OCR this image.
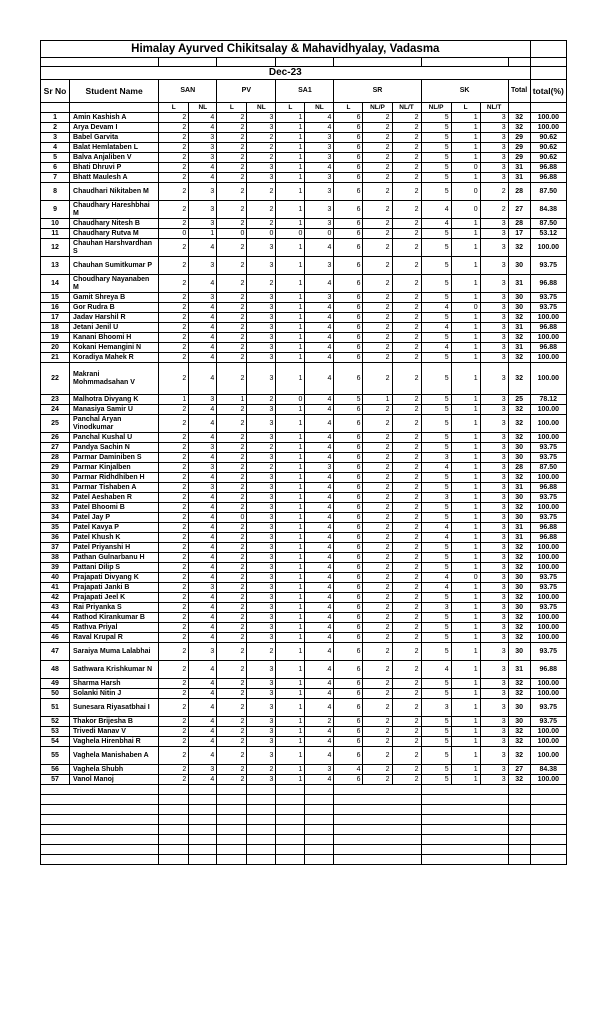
Himalay Ayurved Chikitsalay & Mahavidhyalay, Vadasma															

Dec-23															
Sr No	Student Name	SAN		PV		SA1		SR			SK			Total	total(%)
		L	NL	L	NL	L	NL	L	NL/P	NL/T	NL/P	L	NL/T		
1	Amin Kashish A	2	4	2	3	1	4	6	2	2	5	1	3	32	100.00
2	Arya Devam I	2	4	2	3	1	4	6	2	2	5	1	3	32	100.00
3	Babel Garvita	2	3	2	2	1	3	6	2	2	5	1	3	29	90.62
4	Balat Hemlataben L	2	3	2	2	1	3	6	2	2	5	1	3	29	90.62
5	Balva Anjaliben V	2	3	2	2	1	3	6	2	2	5	1	3	29	90.62
6	Bhati Dhruvi P	2	4	2	3	1	4	6	2	2	5	0	3	31	96.88
7	Bhatt Maulesh A	2	4	2	3	1	3	6	2	2	5	1	3	31	96.88
8	Chaudhari Nikitaben M	2	3	2	2	1	3	6	2	2	5	0	2	28	87.50
9	Chaudhary Hareshbhai M	2	3	2	2	1	3	6	2	2	4	0	2	27	84.38
10	Chaudhary Nitesh B	2	3	2	2	1	3	6	2	2	4	1	3	28	87.50
11	Chaudhary Rutva M	0	1	0	0	0	0	6	2	2	5	1	3	17	53.12
12	Chauhan Harshvardhan S	2	4	2	3	1	4	6	2	2	5	1	3	32	100.00
13	Chauhan Sumitkumar P	2	3	2	3	1	3	6	2	2	5	1	3	30	93.75
14	Choudhary Nayanaben M	2	4	2	2	1	4	6	2	2	5	1	3	31	96.88
15	Gamit Shreya B	2	3	2	3	1	3	6	2	2	5	1	3	30	93.75
16	Gor Rudra B	2	4	2	3	1	4	6	2	2	4	0	3	30	93.75
17	Jadav Harshil R	2	4	2	3	1	4	6	2	2	5	1	3	32	100.00
18	Jetani Jenil U	2	4	2	3	1	4	6	2	2	4	1	3	31	96.88
19	Kanani Bhoomi H	2	4	2	3	1	4	6	2	2	5	1	3	32	100.00
20	Kokani Hemangini N	2	4	2	3	1	4	6	2	2	4	1	3	31	96.88
21	Koradiya Mahek R	2	4	2	3	1	4	6	2	2	5	1	3	32	100.00
22	Makrani Mohmmadsahan V	2	4	2	3	1	4	6	2	2	5	1	3	32	100.00
23	Malhotra Divyang K	1	3	1	2	0	4	5	1	2	5	1	3	25	78.12
24	Manasiya Samir U	2	4	2	3	1	4	6	2	2	5	1	3	32	100.00
25	Panchal Aryan Vinodkumar	2	4	2	3	1	4	6	2	2	5	1	3	32	100.00
26	Panchal Kushal U	2	4	2	3	1	4	6	2	2	5	1	3	32	100.00
27	Pandya Sachin N	2	3	2	2	1	4	6	2	2	5	1	3	30	93.75
28	Parmar Daminiben S	2	4	2	3	1	4	6	2	2	3	1	3	30	93.75
29	Parmar Kinjalben	2	3	2	2	1	3	6	2	2	4	1	3	28	87.50
30	Parmar Ridhdhiben H	2	4	2	3	1	4	6	2	2	5	1	3	32	100.00
31	Parmar Tishaben A	2	3	2	3	1	4	6	2	2	5	1	3	31	96.88
32	Patel Aeshaben R	2	4	2	3	1	4	6	2	2	3	1	3	30	93.75
33	Patel Bhoomi B	2	4	2	3	1	4	6	2	2	5	1	3	32	100.00
34	Patel Jay P	2	4	0	3	1	4	6	2	2	5	1	3	30	93.75
35	Patel Kavya P	2	4	2	3	1	4	6	2	2	4	1	3	31	96.88
36	Patel Khush K	2	4	2	3	1	4	6	2	2	4	1	3	31	96.88
37	Patel Priyanshi H	2	4	2	3	1	4	6	2	2	5	1	3	32	100.00
38	Pathan Gulnarbanu H	2	4	2	3	1	4	6	2	2	5	1	3	32	100.00
39	Pattani Dilip S	2	4	2	3	1	4	6	2	2	5	1	3	32	100.00
40	Prajapati Divyang K	2	4	2	3	1	4	6	2	2	4	0	3	30	93.75
41	Prajapati Janki B	2	3	2	3	1	4	6	2	2	4	1	3	30	93.75
42	Prajapati Jeel K	2	4	2	3	1	4	6	2	2	5	1	3	32	100.00
43	Rai Priyanka S	2	4	2	3	1	4	6	2	2	3	1	3	30	93.75
44	Rathod Kirankumar B	2	4	2	3	1	4	6	2	2	5	1	3	32	100.00
45	Rathva Priyal	2	4	2	3	1	4	6	2	2	5	1	3	32	100.00
46	Raval Krupal R	2	4	2	3	1	4	6	2	2	5	1	3	32	100.00
47	Saraiya Muma Lalabhai	2	3	2	2	1	4	6	2	2	5	1	3	30	93.75
48	Sathwara Krishkumar N	2	4	2	3	1	4	6	2	2	4	1	3	31	96.88
49	Sharma Harsh	2	4	2	3	1	4	6	2	2	5	1	3	32	100.00
50	Solanki Nitin J	2	4	2	3	1	4	6	2	2	5	1	3	32	100.00
51	Sunesara Riyasatbhai I	2	4	2	3	1	4	6	2	2	3	1	3	30	93.75
52	Thakor Brijesha B	2	4	2	3	1	2	6	2	2	5	1	3	30	93.75
53	Trivedi Manav V	2	4	2	3	1	4	6	2	2	5	1	3	32	100.00
54	Vaghela Hirenbhai R	2	4	2	3	1	4	6	2	2	5	1	3	32	100.00
55	Vaghela Manishaben A	2	4	2	3	1	4	6	2	2	5	1	3	32	100.00
56	Vaghela Shubh	2	3	2	2	1	3	4	2	2	5	1	3	27	84.38
57	Vanol Manoj	2	4	2	3	1	4	6	2	2	5	1	3	32	100.00
